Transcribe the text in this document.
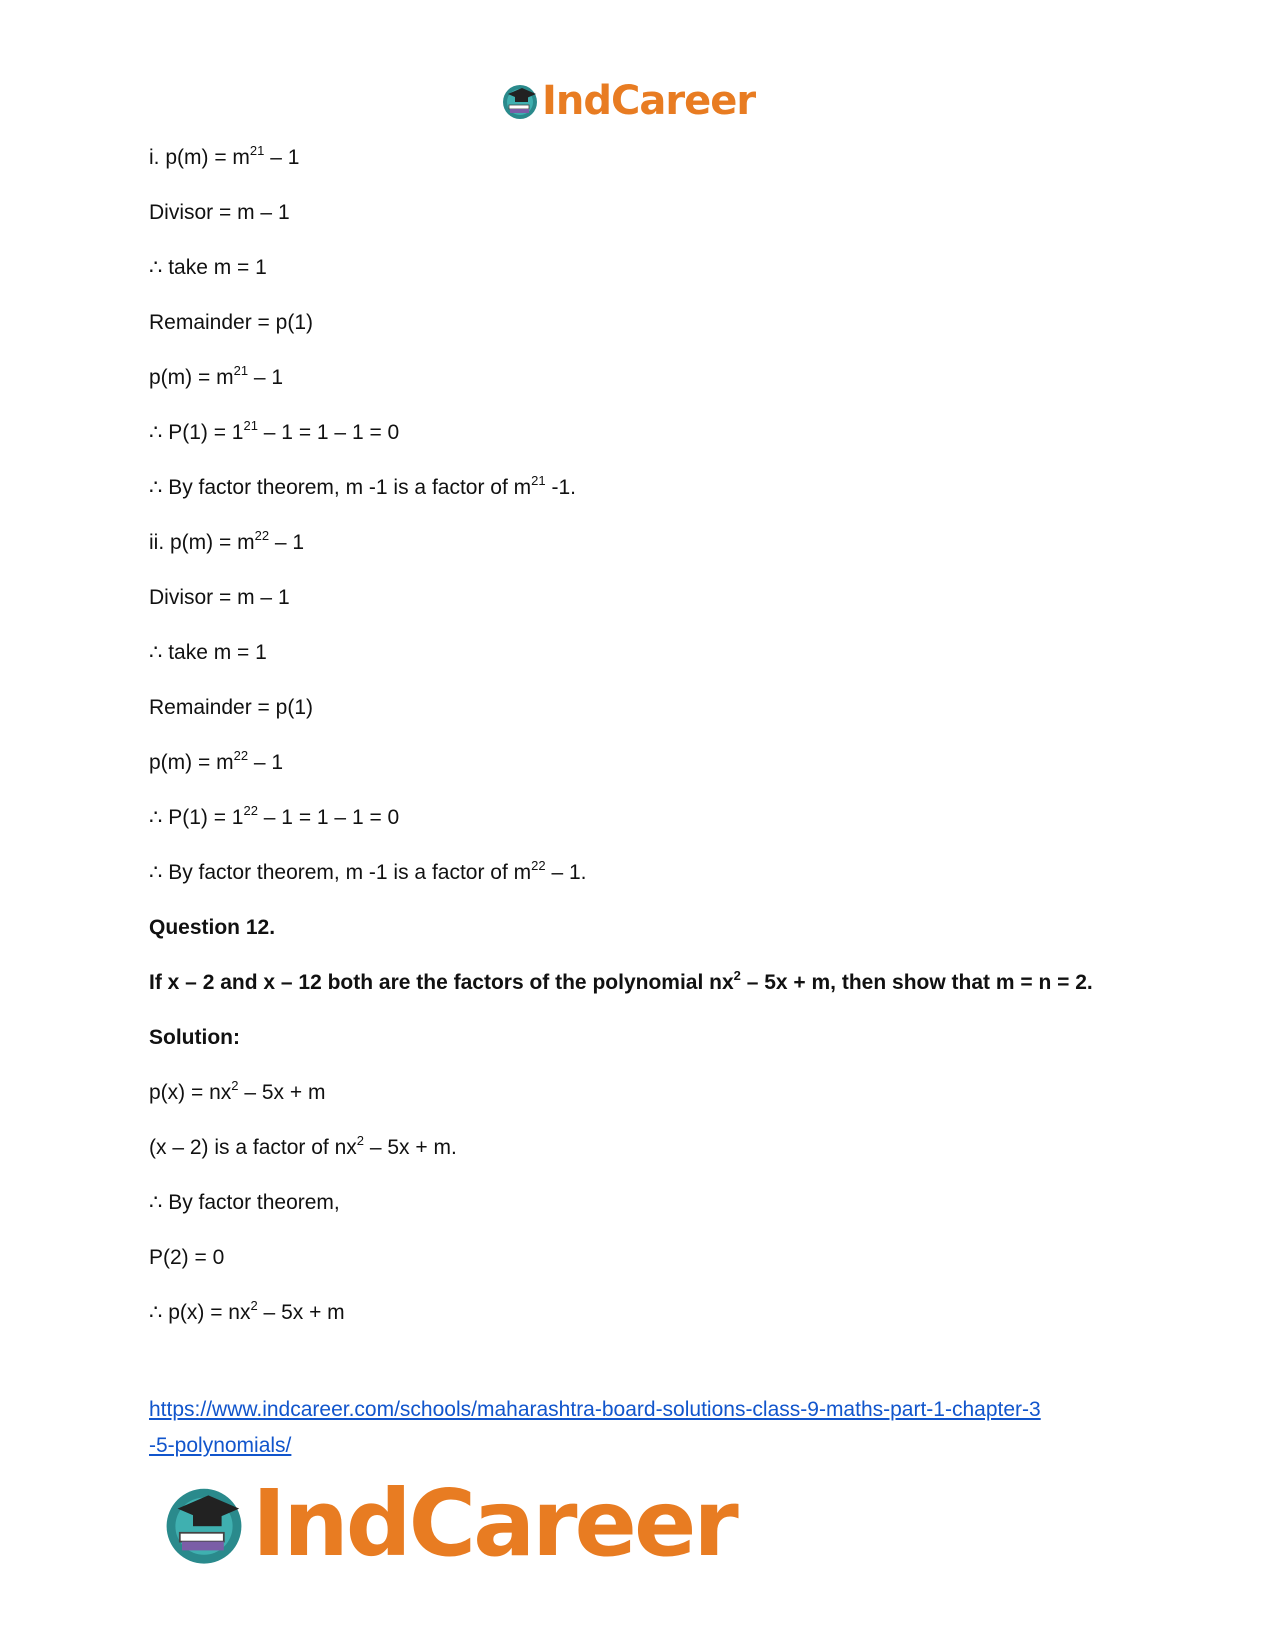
IndCareer
i. $p(m) = m^{21} - 1$
Divisor = m – 1
∴ take m = 1
Remainder = p(1)
$p(m) = m^{21} - 1$
∴ $P(1) = 1^{21} - 1 = 1 - 1 = 0$
∴ By factor theorem, m -1 is a factor of $m^{21}$ -1.
ii. $p(m) = m^{22} - 1$
Divisor = m – 1
∴ take m = 1
Remainder = p(1)
$p(m) = m^{22} - 1$
∴ $P(1) = 1^{22} - 1 = 1 - 1 = 0$
∴ By factor theorem, m -1 is a factor of $m^{22} - 1$.
Question 12.
If x – 2 and x – 12 both are the factors of the polynomial $nx^2 - 5x + m$, then show that m = n = 2.
Solution:
$p(x) = nx^2 - 5x + m$
(x – 2) is a factor of $nx^2 - 5x + m$.
∴ By factor theorem,
P(2) = 0
∴ $p(x) = nx^2 - 5x + m$
https://www.indcareer.com/schools/maharashtra-board-solutions-class-9-maths-part-1-chapter-3
-5-polynomials/
IndCareer
